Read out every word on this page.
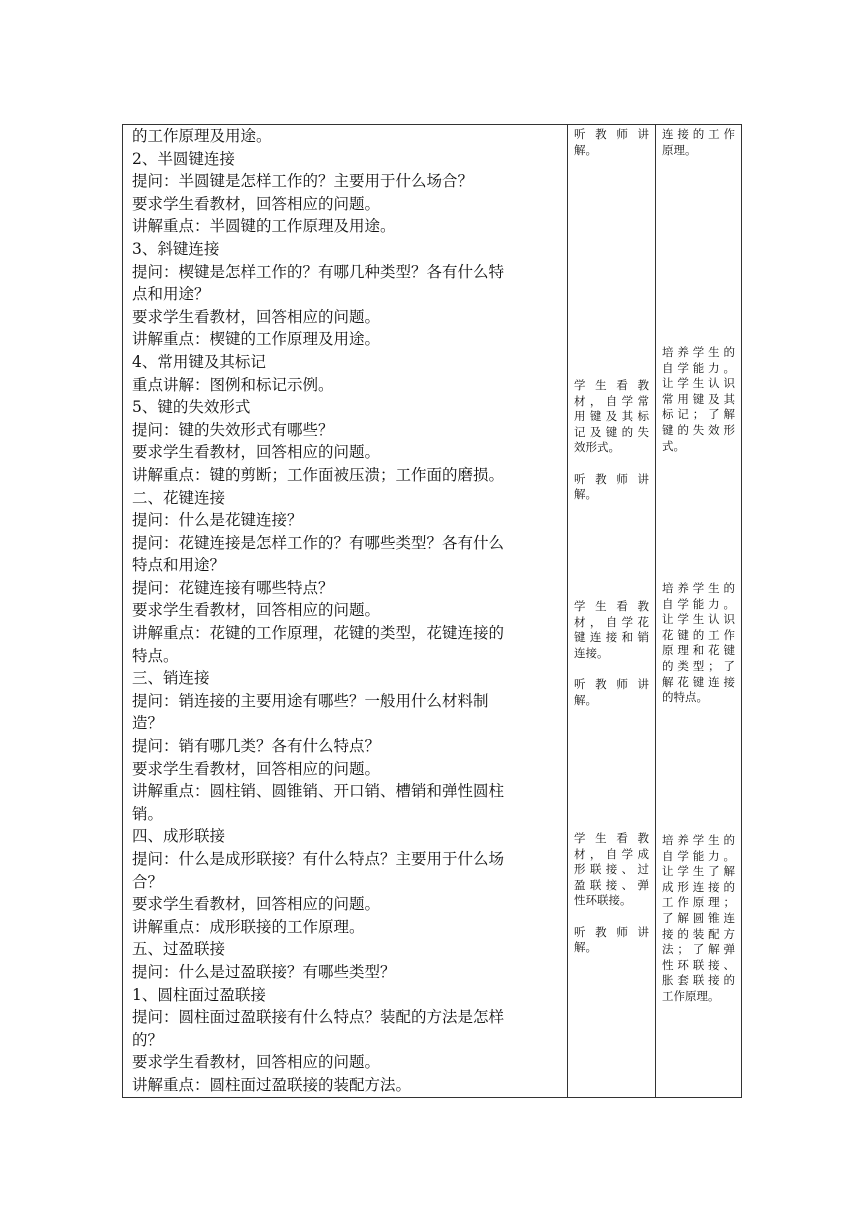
的工作原理及用途。
2、半圆键连接
提问：半圆键是怎样工作的？主要用于什么场合？
要求学生看教材，回答相应的问题。
讲解重点：半圆键的工作原理及用途。
3、斜键连接
提问：楔键是怎样工作的？有哪几种类型？各有什么特
点和用途？
要求学生看教材，回答相应的问题。
讲解重点：楔键的工作原理及用途。
4、常用键及其标记
重点讲解：图例和标记示例。
5、键的失效形式
提问：键的失效形式有哪些？
要求学生看教材，回答相应的问题。
讲解重点：键的剪断；工作面被压溃；工作面的磨损。
二、花键连接
提问：什么是花键连接？
提问：花键连接是怎样工作的？有哪些类型？各有什么
特点和用途？
提问：花键连接有哪些特点？
要求学生看教材，回答相应的问题。
讲解重点：花键的工作原理，花键的类型，花键连接的
特点。
三、销连接
提问：销连接的主要用途有哪些？一般用什么材料制
造？
提问：销有哪几类？各有什么特点？
要求学生看教材，回答相应的问题。
讲解重点：圆柱销、圆锥销、开口销、槽销和弹性圆柱
销。
四、成形联接
提问：什么是成形联接？有什么特点？主要用于什么场
合？
要求学生看教材，回答相应的问题。
讲解重点：成形联接的工作原理。
五、过盈联接
提问：什么是过盈联接？有哪些类型？
1、圆柱面过盈联接
提问：圆柱面过盈联接有什么特点？装配的方法是怎样
的？
要求学生看教材，回答相应的问题。
讲解重点：圆柱面过盈联接的装配方法。

听教师讲
解。
学生看教
材，自学常
用键及其标
记及键的失
效形式。
听教师讲
解。
学生看教
材，自学花
键连接和销
连接。
听教师讲
解。
学生看教
材，自学成
形联接、过
盈联接、弹
性环联接。
听教师讲
解。

连接的工作
原理。
培养学生的
自学能力。
让学生认识
常用键及其
标记；了解
键的失效形
式。
培养学生的
自学能力。
让学生认识
花键的工作
原理和花键
的类型；了
解花键连接
的特点。
培养学生的
自学能力。
让学生了解
成形连接的
工作原理；
了解圆锥连
接的装配方
法；了解弹
性环联接、
胀套联接的
工作原理。
